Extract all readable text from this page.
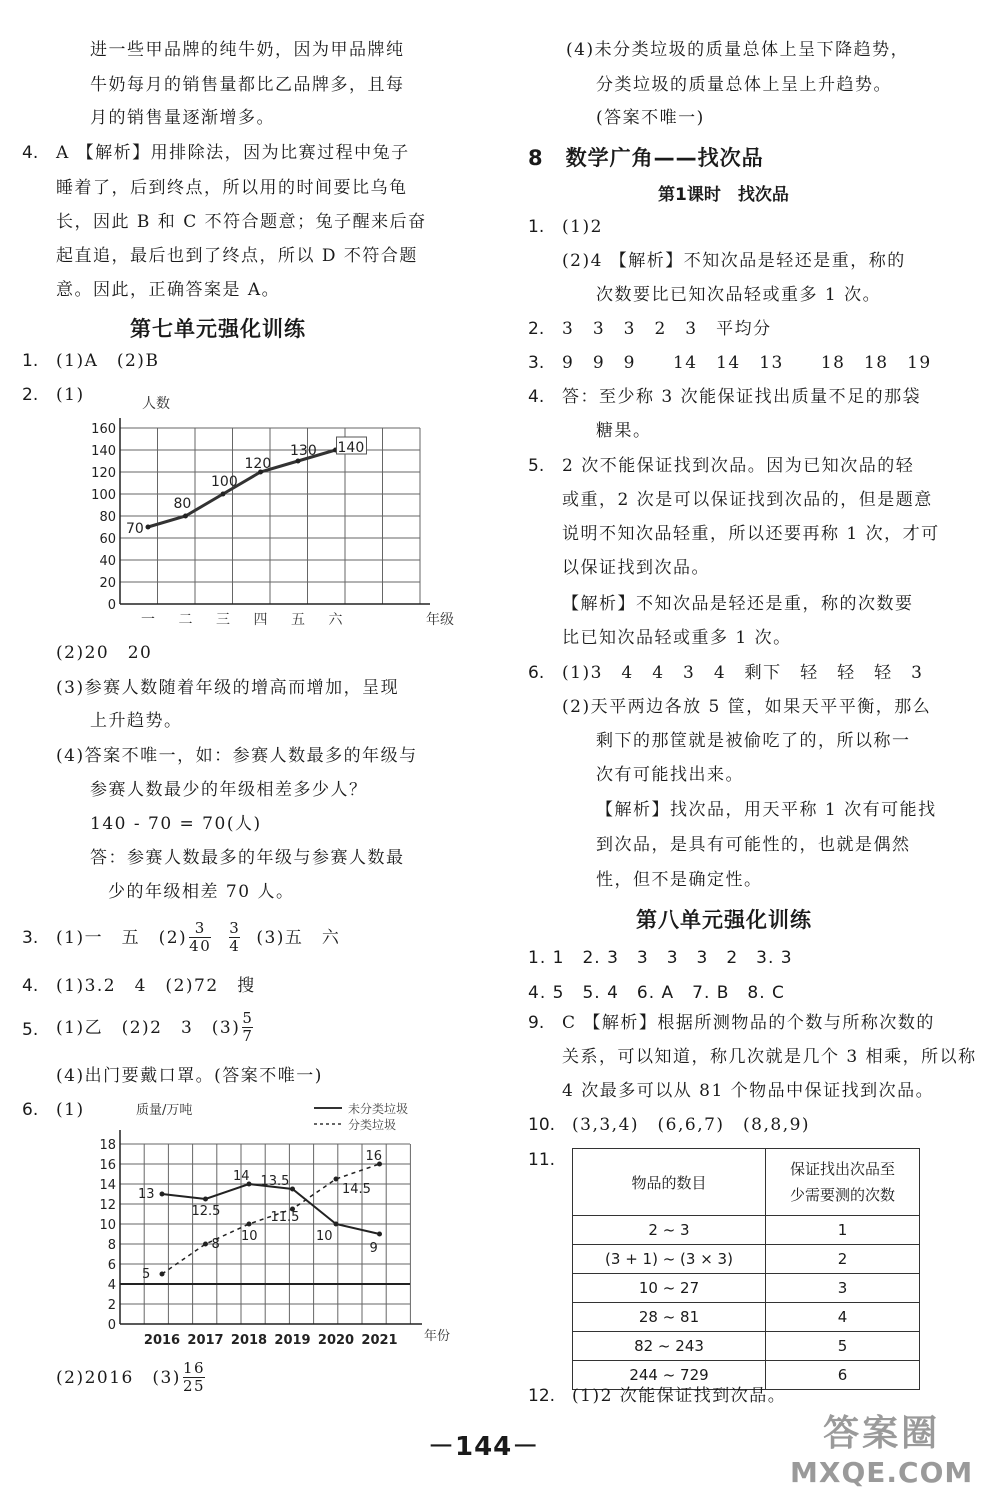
进一些甲品牌的纯牛奶，因为甲品牌纯
牛奶每月的销售量都比乙品牌多，且每
月的销售量逐渐增多。
4. A 【解析】用排除法，因为比赛过程中兔子
睡着了，后到终点，所以用的时间要比乌龟
长，因此 B 和 C 不符合题意；兔子醒来后奋
起直追，最后也到了终点，所以 D 不符合题
意。因此，正确答案是 A。
第七单元强化训练
1. (1)A　(2)B
2. (1)	人数
年级
0
20
40
60
80
100
120
140
160
一 二 三 四 五 六
70
80
100
120
130 140
(2)20　20
(3)参赛人数随着年级的增高而增加，呈现
上升趋势。
(4)答案不唯一，如：参赛人数最多的年级与
参赛人数最少的年级相差多少人？
140 - 70 = 70(人)
答：参赛人数最多的年级与参赛人数最
少的年级相差 70 人。
3. (1)一　五　$(2) \frac{3}{40} \frac{3}{4} (3)$五　六
4. (1)3.2　4　(2)72　搜
5. (1)乙　(2)2　3　$(3) \frac{5}{7}$
(4)出门要戴口罩。(答案不唯一)
6. (1)	质量/万吨
年份
0
2
4
6
8
10
12
14
16
18
2016 2017 2018 2019 2020 2021
未分类垃圾
分类垃圾
13
12.5
14 13.5
10
9
5
8
10
11.5
14.5
16
(2)2016　$(3) \frac{16}{25}$
(4)未分类垃圾的质量总体上呈下降趋势，
分类垃圾的质量总体上呈上升趋势。
(答案不唯一)
8　数学广角——找次品
第1课时　找次品
1. (1)2
(2)4 【解析】不知次品是轻还是重，称的
次数要比已知次品轻或重多 1 次。
2. 3　3　3　2　3　平均分
3. 9　9　9　　14　14　13　　18　18　19
4. 答：至少称 3 次能保证找出质量不足的那袋
糖果。
5. 2 次不能保证找到次品。因为已知次品的轻
或重，2 次是可以保证找到次品的，但是题意
说明不知次品轻重，所以还要再称 1 次，才可
以保证找到次品。
【解析】不知次品是轻还是重，称的次数要
比已知次品轻或重多 1 次。
6. (1)3　4　4　3　4　剩下　轻　轻　轻　3
(2)天平两边各放 5 筐，如果天平平衡，那么
剩下的那筐就是被偷吃了的，所以称一
次有可能找出来。
【解析】找次品，用天平称 1 次有可能找
到次品，是具有可能性的，也就是偶然
性，但不是确定性。
第八单元强化训练
1. 1　2. 3　3　3　3　2　3. 3
4. 5　5. 4　6. A　7. B　8. C
9. C 【解析】根据所测物品的个数与所称次数的
关系，可以知道，称几次就是几个 3 相乘，所以称
4 次最多可以从 81 个物品中保证找到次品。
10. (3,3,4)　(6,6,7)　(8,8,9)
11.
物品的数目	保证找出次品至
少需要测的次数

2 ~ 3	1
(3 + 1) ~ (3 × 3)	2
10 ~ 27	3
28 ~ 81	4
82 ~ 243	5
244 ~ 729	6
12. (1)2 次能保证找到次品。
－144－	答案圈
MXQE.COM
